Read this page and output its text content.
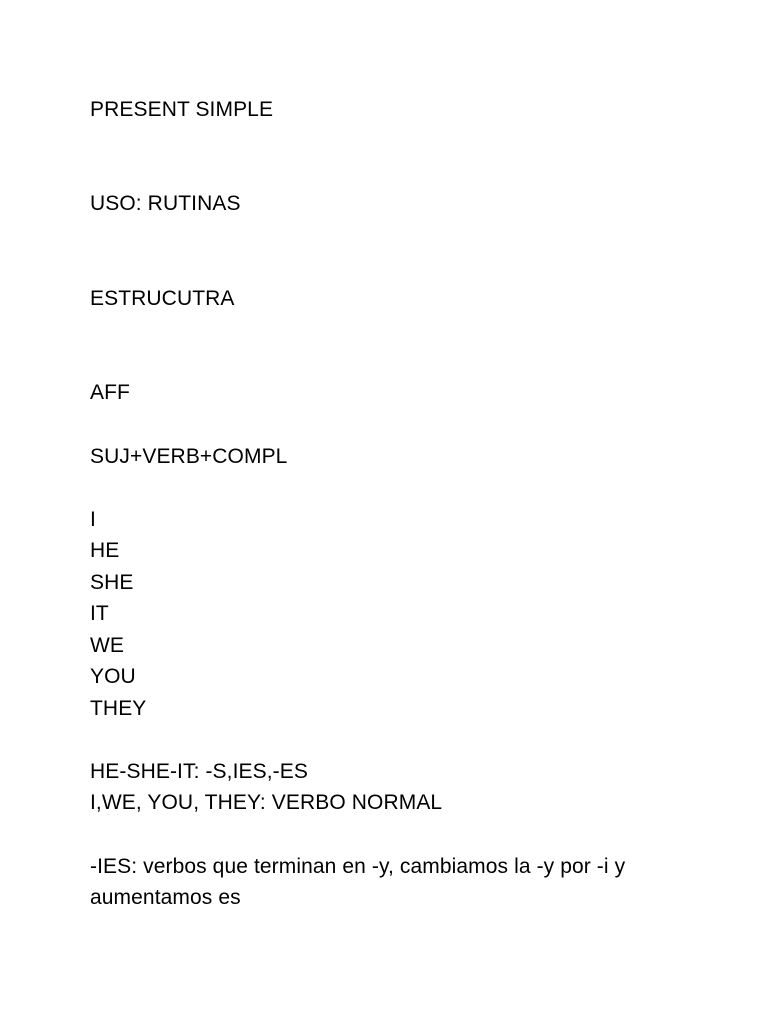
PRESENT SIMPLE
USO: RUTINAS
ESTRUCUTRA
AFF
SUJ+VERB+COMPL
I
HE
SHE
IT
WE
YOU
THEY
HE-SHE-IT: -S,IES,-ES
I,WE, YOU, THEY: VERBO NORMAL
-IES: verbos que terminan en -y, cambiamos la -y por -i y
aumentamos es
